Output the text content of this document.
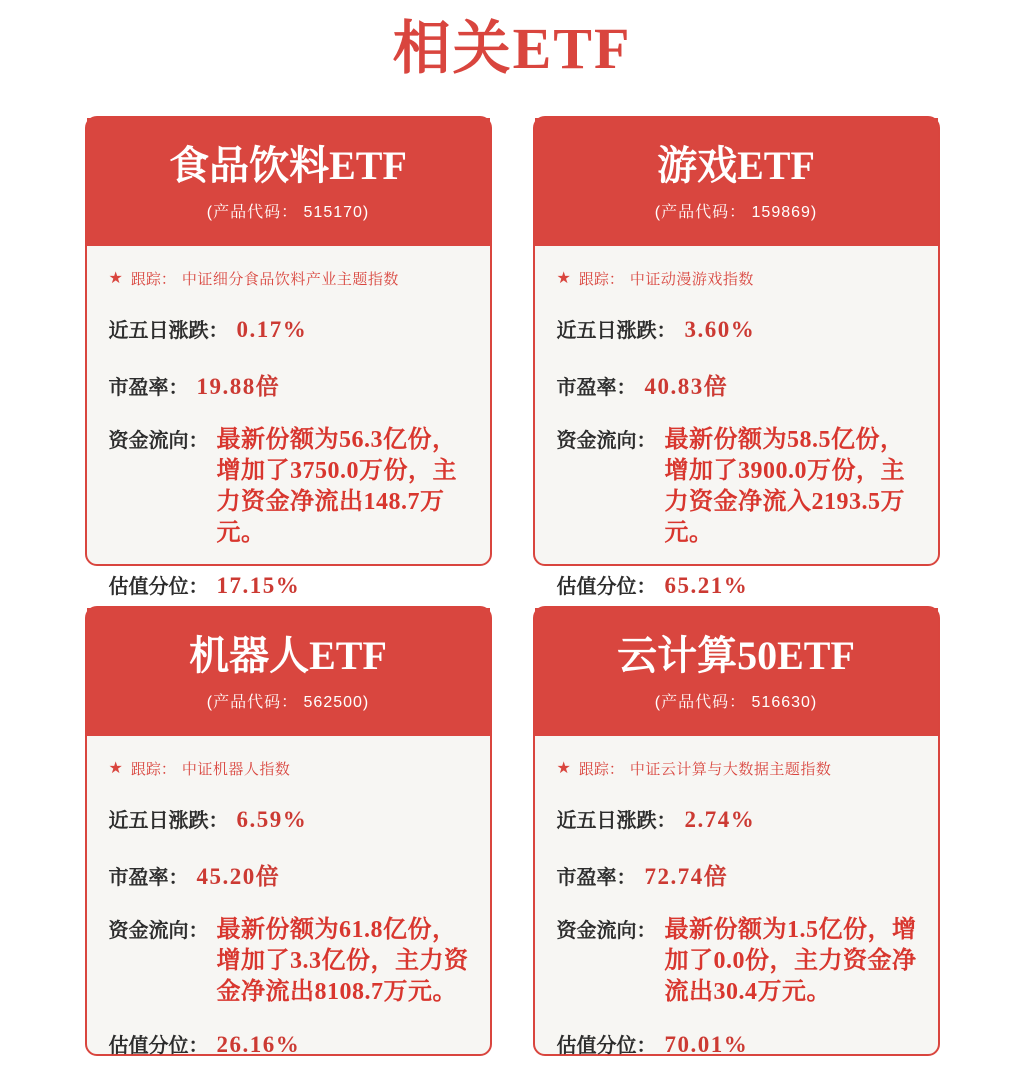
相关ETF
食品饮料ETF
(产品代码： 515170)
★ 跟踪： 中证细分食品饮料产业主题指数
近五日涨跌： 0.17%
市盈率： 19.88倍
资金流向： 最新份额为56.3亿份，增加了3750.0万份，主力资金净流出148.7万元。
估值分位： 17.15%
游戏ETF
(产品代码： 159869)
★ 跟踪： 中证动漫游戏指数
近五日涨跌： 3.60%
市盈率： 40.83倍
资金流向： 最新份额为58.5亿份，增加了3900.0万份，主力资金净流入2193.5万元。
估值分位： 65.21%
机器人ETF
(产品代码： 562500)
★ 跟踪： 中证机器人指数
近五日涨跌： 6.59%
市盈率： 45.20倍
资金流向： 最新份额为61.8亿份，增加了3.3亿份，主力资金净流出8108.7万元。
估值分位： 26.16%
云计算50ETF
(产品代码： 516630)
★ 跟踪： 中证云计算与大数据主题指数
近五日涨跌： 2.74%
市盈率： 72.74倍
资金流向： 最新份额为1.5亿份，增加了0.0份，主力资金净流出30.4万元。
估值分位： 70.01%
